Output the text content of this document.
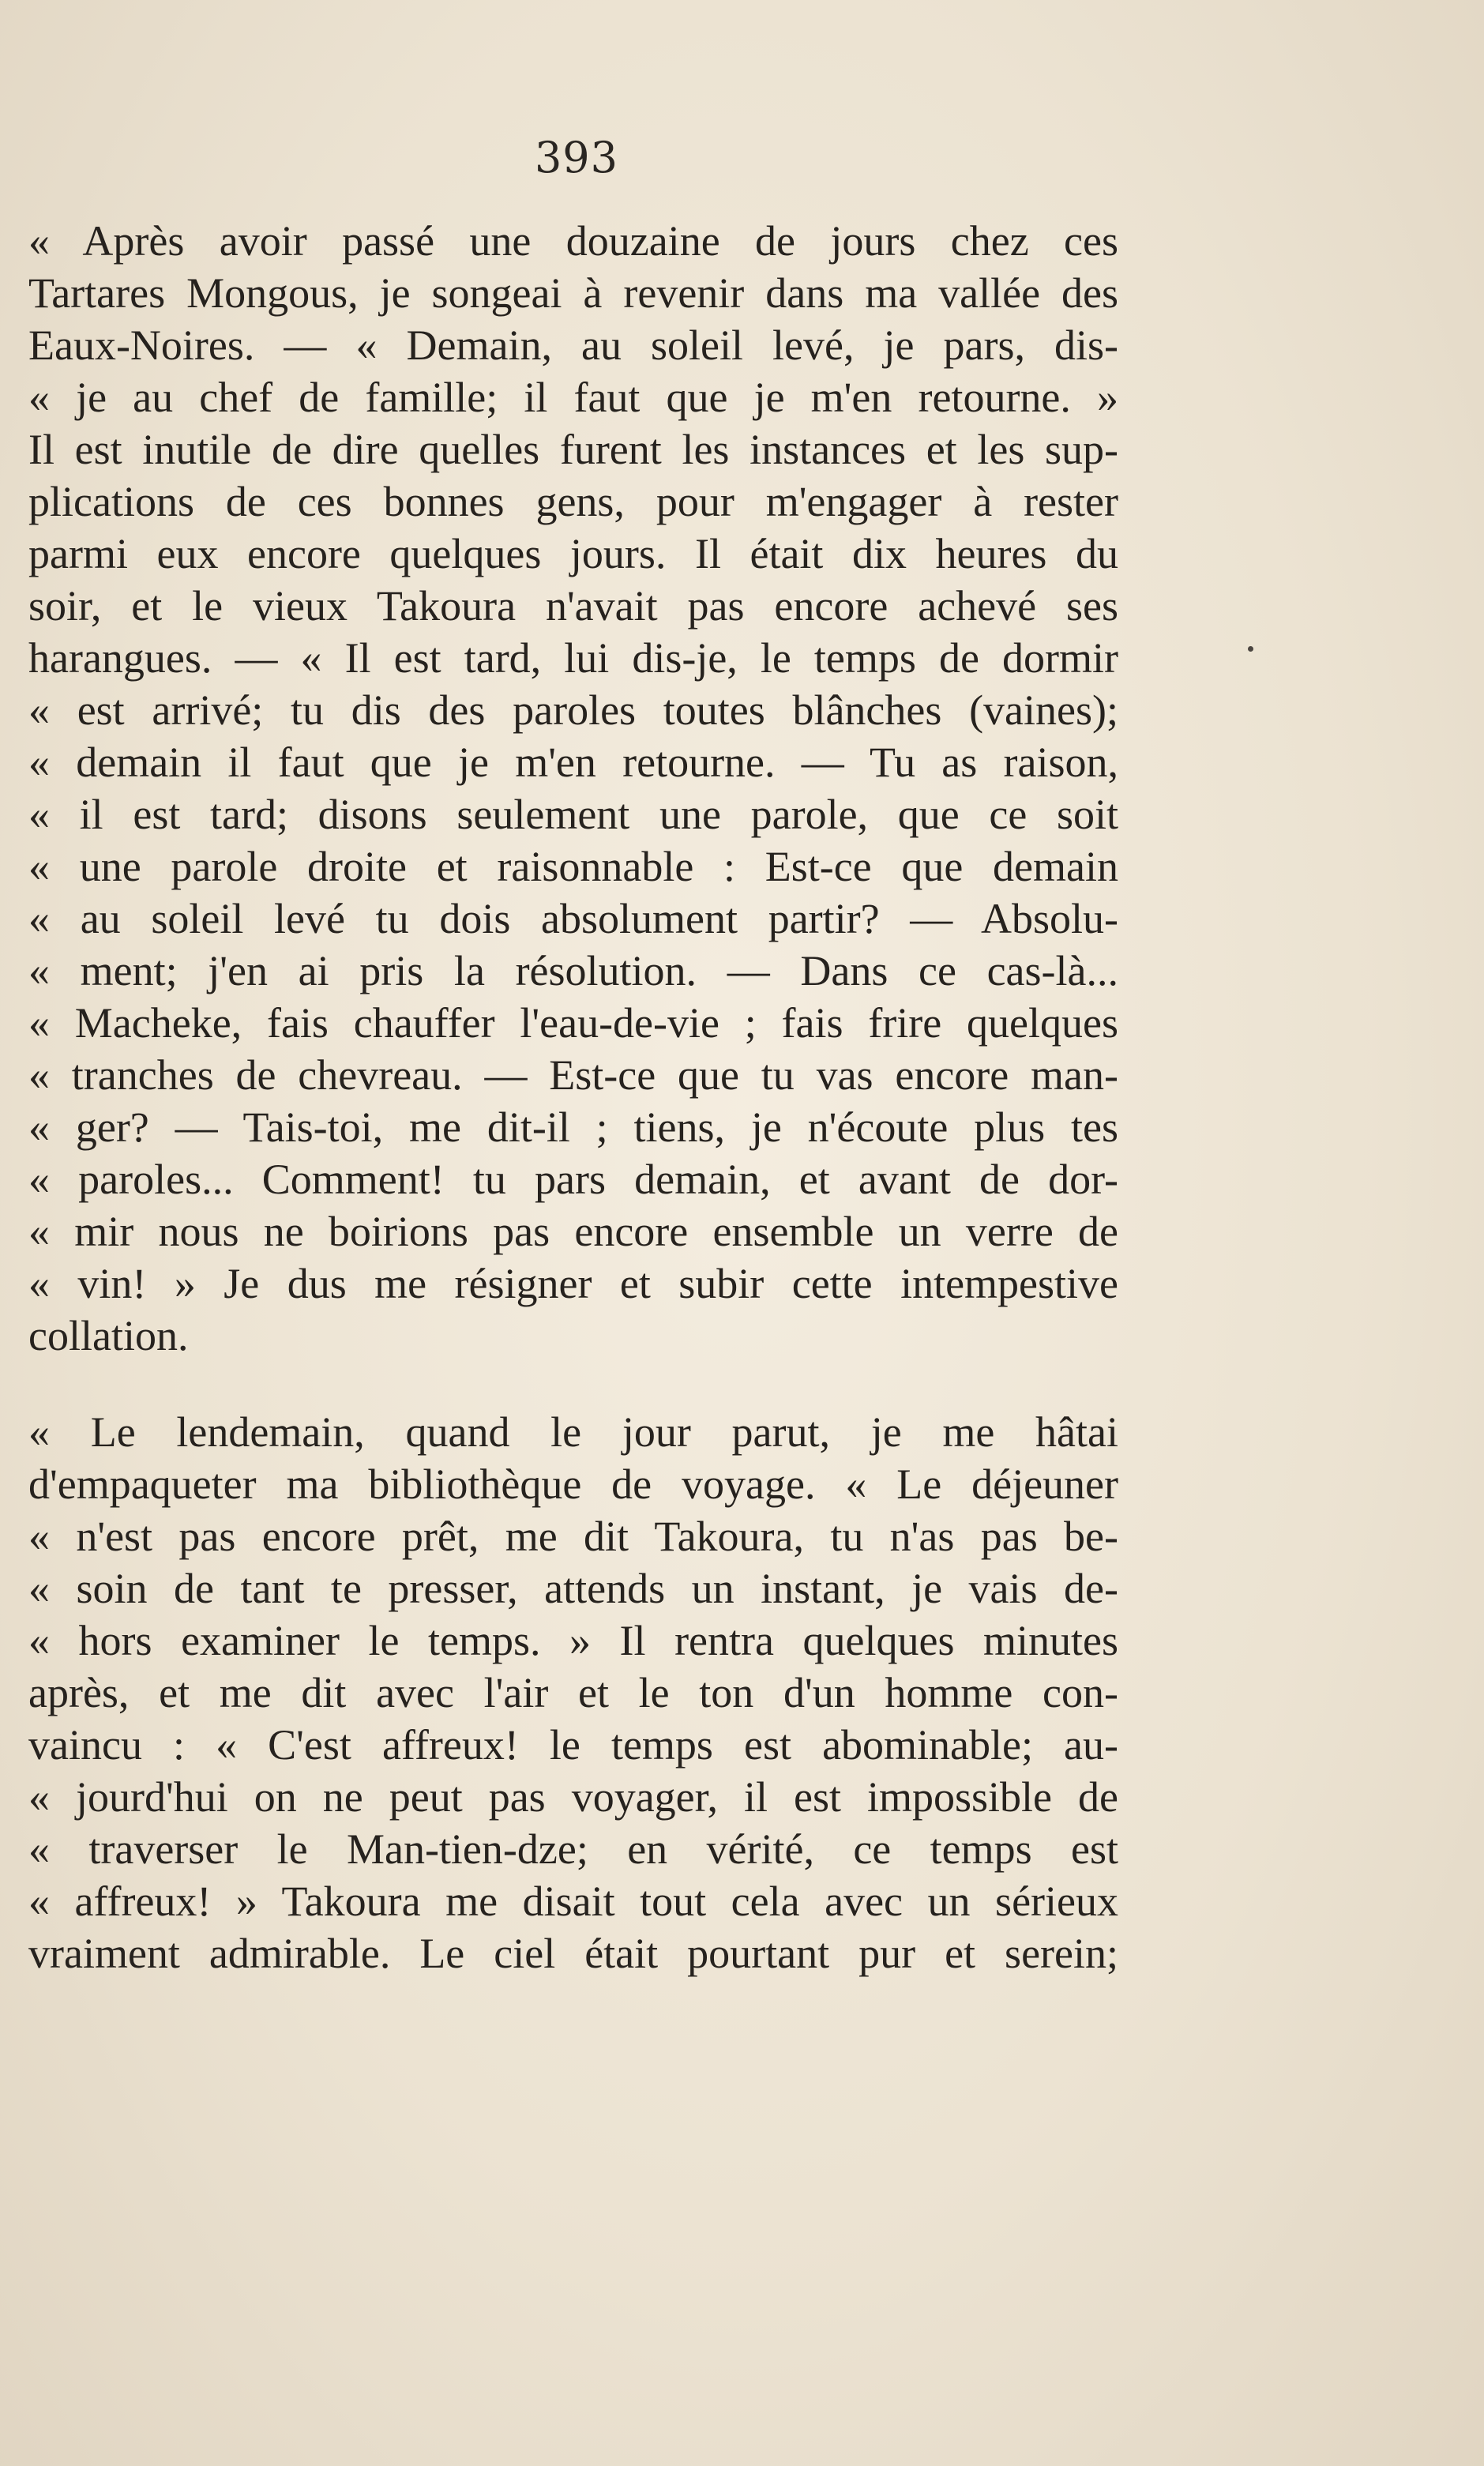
393
« Après avoir passé une douzaine de jours chez ces
Tartares Mongous, je songeai à revenir dans ma vallée des
Eaux-Noires. — « Demain, au soleil levé, je pars, dis-
« je au chef de famille; il faut que je m'en retourne. »
Il est inutile de dire quelles furent les instances et les sup-
plications de ces bonnes gens, pour m'engager à rester
parmi eux encore quelques jours. Il était dix heures du
soir, et le vieux Takoura n'avait pas encore achevé ses
harangues. — « Il est tard, lui dis-je, le temps de dormir
« est arrivé; tu dis des paroles toutes blânches (vaines);
« demain il faut que je m'en retourne. — Tu as raison,
« il est tard; disons seulement une parole, que ce soit
« une parole droite et raisonnable : Est-ce que demain
« au soleil levé tu dois absolument partir? — Absolu-
« ment; j'en ai pris la résolution. — Dans ce cas-là...
« Macheke, fais chauffer l'eau-de-vie ; fais frire quelques
« tranches de chevreau. — Est-ce que tu vas encore man-
« ger? — Tais-toi, me dit-il ; tiens, je n'écoute plus tes
« paroles... Comment! tu pars demain, et avant de dor-
« mir nous ne boirions pas encore ensemble un verre de
« vin! » Je dus me résigner et subir cette intempestive
collation.
« Le lendemain, quand le jour parut, je me hâtai
d'empaqueter ma bibliothèque de voyage. « Le déjeuner
« n'est pas encore prêt, me dit Takoura, tu n'as pas be-
« soin de tant te presser, attends un instant, je vais de-
« hors examiner le temps. » Il rentra quelques minutes
après, et me dit avec l'air et le ton d'un homme con-
vaincu : « C'est affreux! le temps est abominable; au-
« jourd'hui on ne peut pas voyager, il est impossible de
« traverser le Man-tien-dze; en vérité, ce temps est
« affreux! » Takoura me disait tout cela avec un sérieux
vraiment admirable. Le ciel était pourtant pur et serein;
